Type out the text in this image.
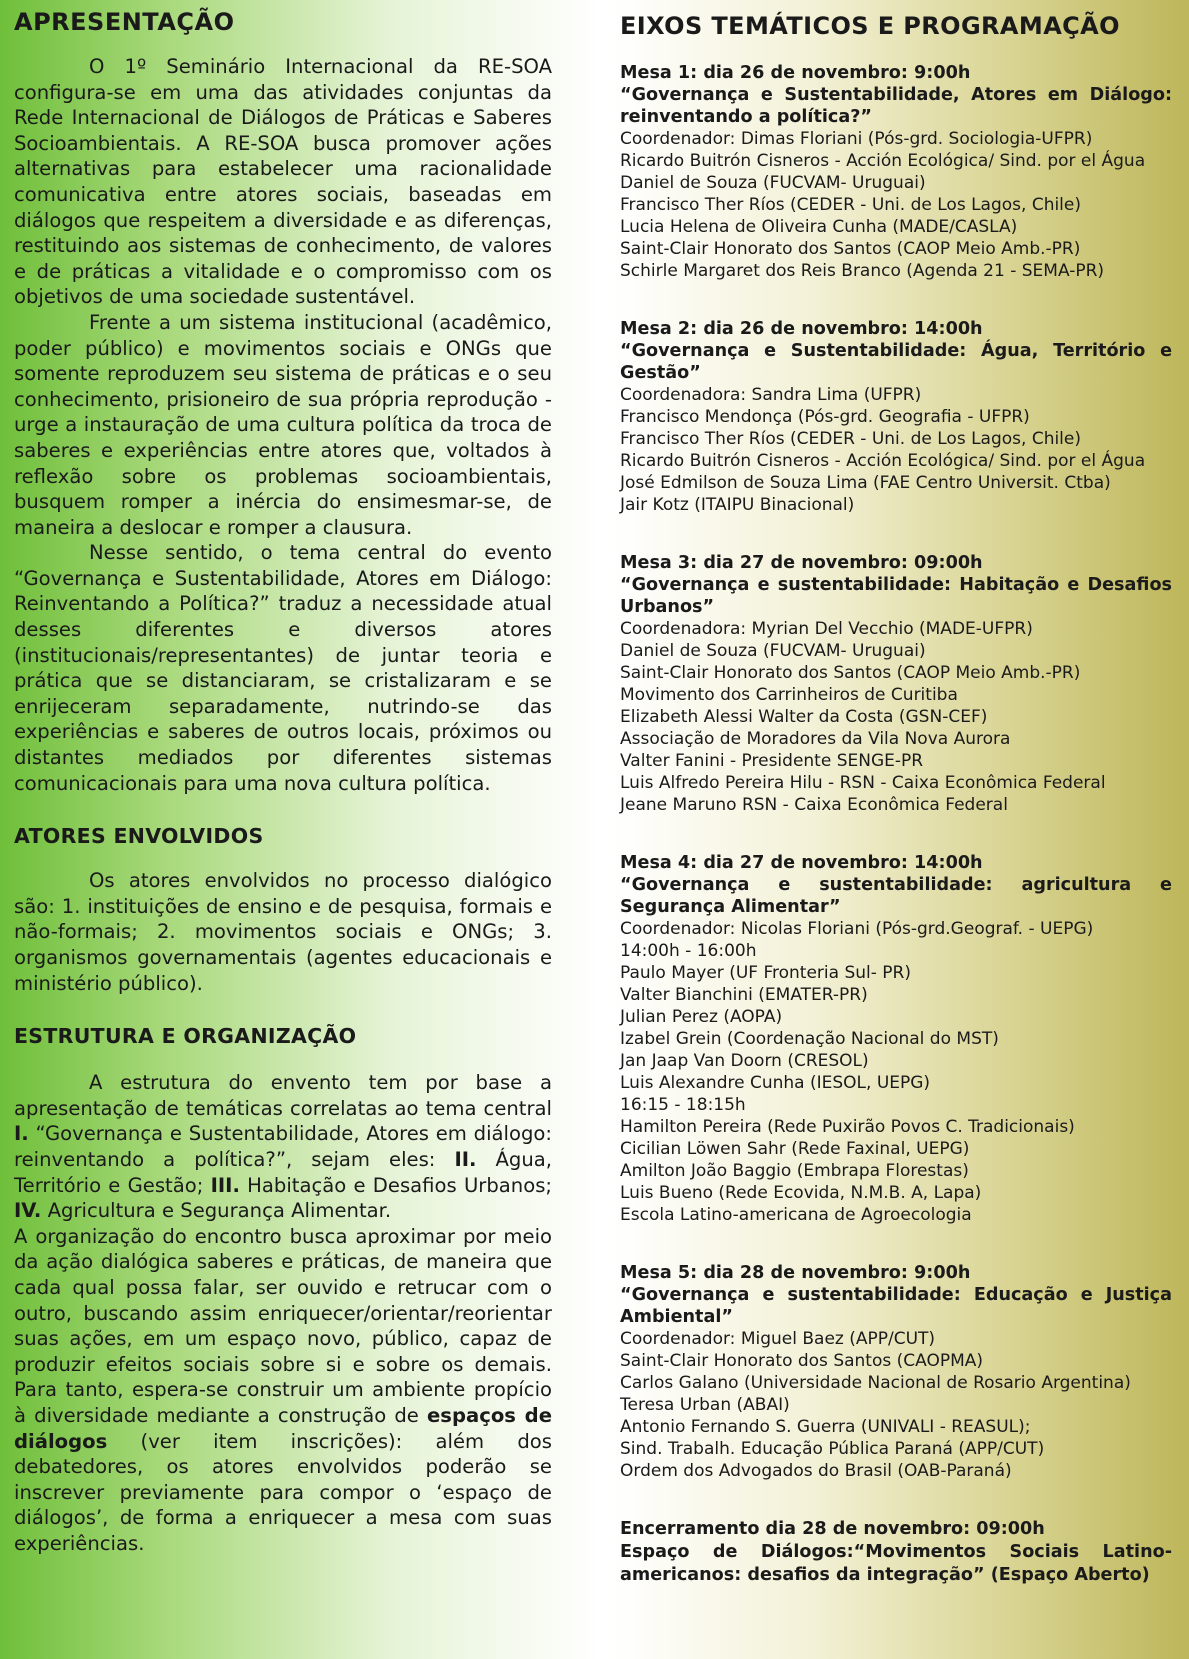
APRESENTAÇÃO

O 1º Seminário Internacional da RE-SOA configura-se em uma das atividades conjuntas da Rede Internacional de Diálogos de Práticas e Saberes Socioambientais. A RE-SOA busca promover ações alternativas para estabelecer uma racionalidade comunicativa entre atores sociais, baseadas em diálogos que respeitem a diversidade e as diferenças, restituindo aos sistemas de conhecimento, de valores e de práticas a vitalidade e o compromisso com os objetivos de uma sociedade sustentável.

Frente a um sistema institucional (acadêmico, poder público) e movimentos sociais e ONGs que somente reproduzem seu sistema de práticas e o seu conhecimento, prisioneiro de sua própria reprodução - urge a instauração de uma cultura política da troca de saberes e experiências entre atores que, voltados à reflexão sobre os problemas socioambientais, busquem romper a inércia do ensimesmar-se, de maneira a deslocar e romper a clausura.

Nesse sentido, o tema central do evento “Governança e Sustentabilidade, Atores em Diálogo: Reinventando a Política?” traduz a necessidade atual desses diferentes e diversos atores (institucionais/representantes) de juntar teoria e prática que se distanciaram, se cristalizaram e se enrijeceram separadamente, nutrindo-se das experiências e saberes de outros locais, próximos ou distantes mediados por diferentes sistemas comunicacionais para uma nova cultura política.

ATORES ENVOLVIDOS

Os atores envolvidos no processo dialógico são: 1. instituições de ensino e de pesquisa, formais e não-formais; 2. movimentos sociais e ONGs; 3. organismos governamentais (agentes educacionais e ministério público).

ESTRUTURA E ORGANIZAÇÃO

A estrutura do envento tem por base a apresentação de temáticas correlatas ao tema central I. “Governança e Sustentabilidade, Atores em diálogo: reinventando a política?”, sejam eles: II. Água, Território e Gestão; III. Habitação e Desafios Urbanos; IV. Agricultura e Segurança Alimentar.

A organização do encontro busca aproximar por meio da ação dialógica saberes e práticas, de maneira que cada qual possa falar, ser ouvido e retrucar com o outro, buscando assim enriquecer/orientar/reorientar suas ações, em um espaço novo, público, capaz de produzir efeitos sociais sobre si e sobre os demais. Para tanto, espera-se construir um ambiente propício à diversidade mediante a construção de espaços de diálogos (ver item inscrições): além dos debatedores, os atores envolvidos poderão se inscrever previamente para compor o ‘espaço de diálogos’, de forma a enriquecer a mesa com suas experiências.

EIXOS TEMÁTICOS E PROGRAMAÇÃO
Mesa 1: dia 26 de novembro: 9:00h
“Governança e Sustentabilidade, Atores em Diálogo: reinventando a política?”
Coordenador: Dimas Floriani (Pós-grd. Sociologia-UFPR)
Ricardo Buitrón Cisneros - Acción Ecológica/ Sind. por el Água
Daniel de Souza (FUCVAM- Uruguai)
Francisco Ther Ríos (CEDER - Uni. de Los Lagos, Chile)
Lucia Helena de Oliveira Cunha (MADE/CASLA)
Saint-Clair Honorato dos Santos (CAOP Meio Amb.-PR)
Schirle Margaret dos Reis Branco (Agenda 21 - SEMA-PR)
Mesa 2: dia 26 de novembro: 14:00h
“Governança e Sustentabilidade: Água, Território e Gestão”
Coordenadora: Sandra Lima (UFPR)
Francisco Mendonça (Pós-grd. Geografia - UFPR)
Francisco Ther Ríos (CEDER - Uni. de Los Lagos, Chile)
Ricardo Buitrón Cisneros - Acción Ecológica/ Sind. por el Água
José Edmilson de Souza Lima (FAE Centro Universit. Ctba)
Jair Kotz (ITAIPU Binacional)
Mesa 3: dia 27 de novembro: 09:00h
“Governança e sustentabilidade: Habitação e Desafios Urbanos”
Coordenadora: Myrian Del Vecchio (MADE-UFPR)
Daniel de Souza (FUCVAM- Uruguai)
Saint-Clair Honorato dos Santos (CAOP Meio Amb.-PR)
Movimento dos Carrinheiros de Curitiba
Elizabeth Alessi Walter da Costa (GSN-CEF)
Associação de Moradores da Vila Nova Aurora
Valter Fanini - Presidente SENGE-PR
Luis Alfredo Pereira Hilu - RSN - Caixa Econômica Federal
Jeane Maruno RSN - Caixa Econômica Federal
Mesa 4: dia 27 de novembro: 14:00h
“Governança e sustentabilidade: agricultura e Segurança Alimentar”
Coordenador: Nicolas Floriani (Pós-grd.Geograf. - UEPG)
14:00h - 16:00h
Paulo Mayer (UF Fronteria Sul- PR)
Valter Bianchini (EMATER-PR)
Julian Perez (AOPA)
Izabel Grein (Coordenação Nacional do MST)
Jan Jaap Van Doorn (CRESOL)
Luis Alexandre Cunha (IESOL, UEPG)
16:15 - 18:15h
Hamilton Pereira (Rede Puxirão Povos C. Tradicionais)
Cicilian Löwen Sahr (Rede Faxinal, UEPG)
Amilton João Baggio (Embrapa Florestas)
Luis Bueno (Rede Ecovida, N.M.B. A, Lapa)
Escola Latino-americana de Agroecologia
Mesa 5: dia 28 de novembro: 9:00h
“Governança e sustentabilidade: Educação e Justiça Ambiental”
Coordenador: Miguel Baez (APP/CUT)
Saint-Clair Honorato dos Santos (CAOPMA)
Carlos Galano (Universidade Nacional de Rosario Argentina)
Teresa Urban (ABAI)
Antonio Fernando S. Guerra (UNIVALI - REASUL);
Sind. Trabalh. Educação Pública Paraná (APP/CUT)
Ordem dos Advogados do Brasil (OAB-Paraná)
Encerramento dia 28 de novembro: 09:00h
Espaço de Diálogos:“Movimentos Sociais Latino-americanos: desafios da integração” (Espaço Aberto)
